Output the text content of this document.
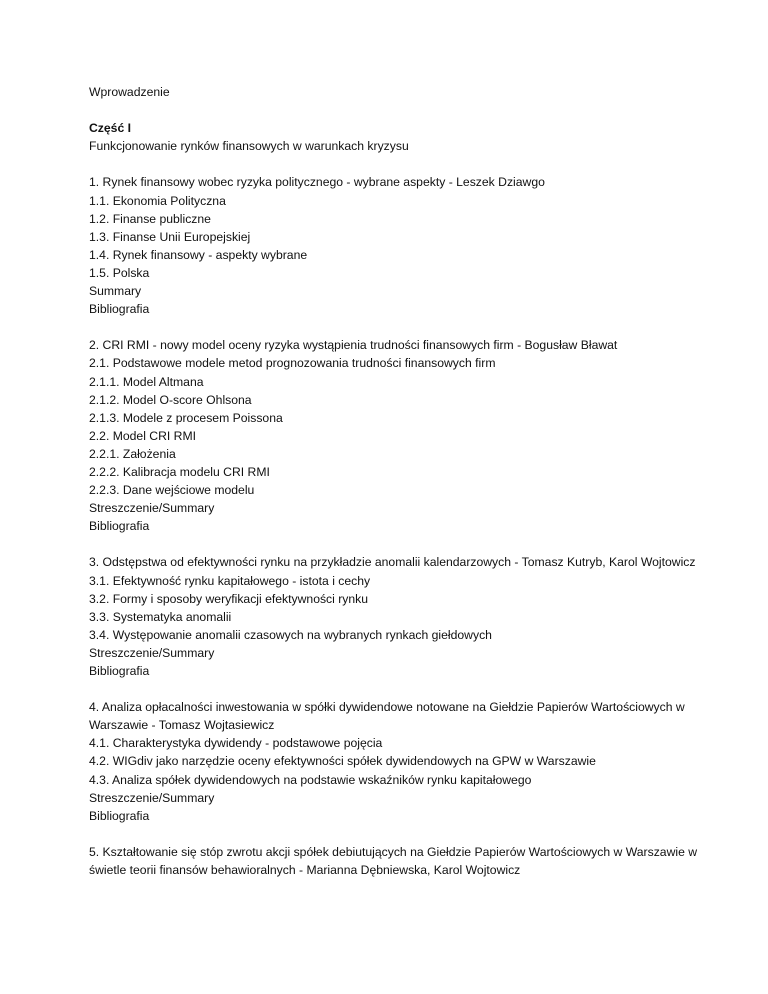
Wprowadzenie
Część I
Funkcjonowanie rynków finansowych w warunkach kryzysu
1. Rynek finansowy wobec ryzyka politycznego - wybrane aspekty - Leszek Dziawgo
1.1. Ekonomia Polityczna
1.2. Finanse publiczne
1.3. Finanse Unii Europejskiej
1.4. Rynek finansowy - aspekty wybrane
1.5. Polska
Summary
Bibliografia
2. CRI RMI - nowy model oceny ryzyka wystąpienia trudności finansowych firm - Bogusław Bławat
2.1. Podstawowe modele metod prognozowania trudności finansowych firm
2.1.1. Model Altmana
2.1.2. Model O-score Ohlsona
2.1.3. Modele z procesem Poissona
2.2. Model CRI RMI
2.2.1. Założenia
2.2.2. Kalibracja modelu CRI RMI
2.2.3. Dane wejściowe modelu
Streszczenie/Summary
Bibliografia
3. Odstępstwa od efektywności rynku na przykładzie anomalii kalendarzowych - Tomasz Kutryb, Karol Wojtowicz
3.1. Efektywność rynku kapitałowego - istota i cechy
3.2. Formy i sposoby weryfikacji efektywności rynku
3.3. Systematyka anomalii
3.4. Występowanie anomalii czasowych na wybranych rynkach giełdowych
Streszczenie/Summary
Bibliografia
4. Analiza opłacalności inwestowania w spółki dywidendowe notowane na Giełdzie Papierów Wartościowych w Warszawie - Tomasz Wojtasiewicz
4.1. Charakterystyka dywidendy - podstawowe pojęcia
4.2. WIGdiv jako narzędzie oceny efektywności spółek dywidendowych na GPW w Warszawie
4.3. Analiza spółek dywidendowych na podstawie wskaźników rynku kapitałowego
Streszczenie/Summary
Bibliografia
5. Kształtowanie się stóp zwrotu akcji spółek debiutujących na Giełdzie Papierów Wartościowych w Warszawie w świetle teorii finansów behawioralnych - Marianna Dębniewska, Karol Wojtowicz
